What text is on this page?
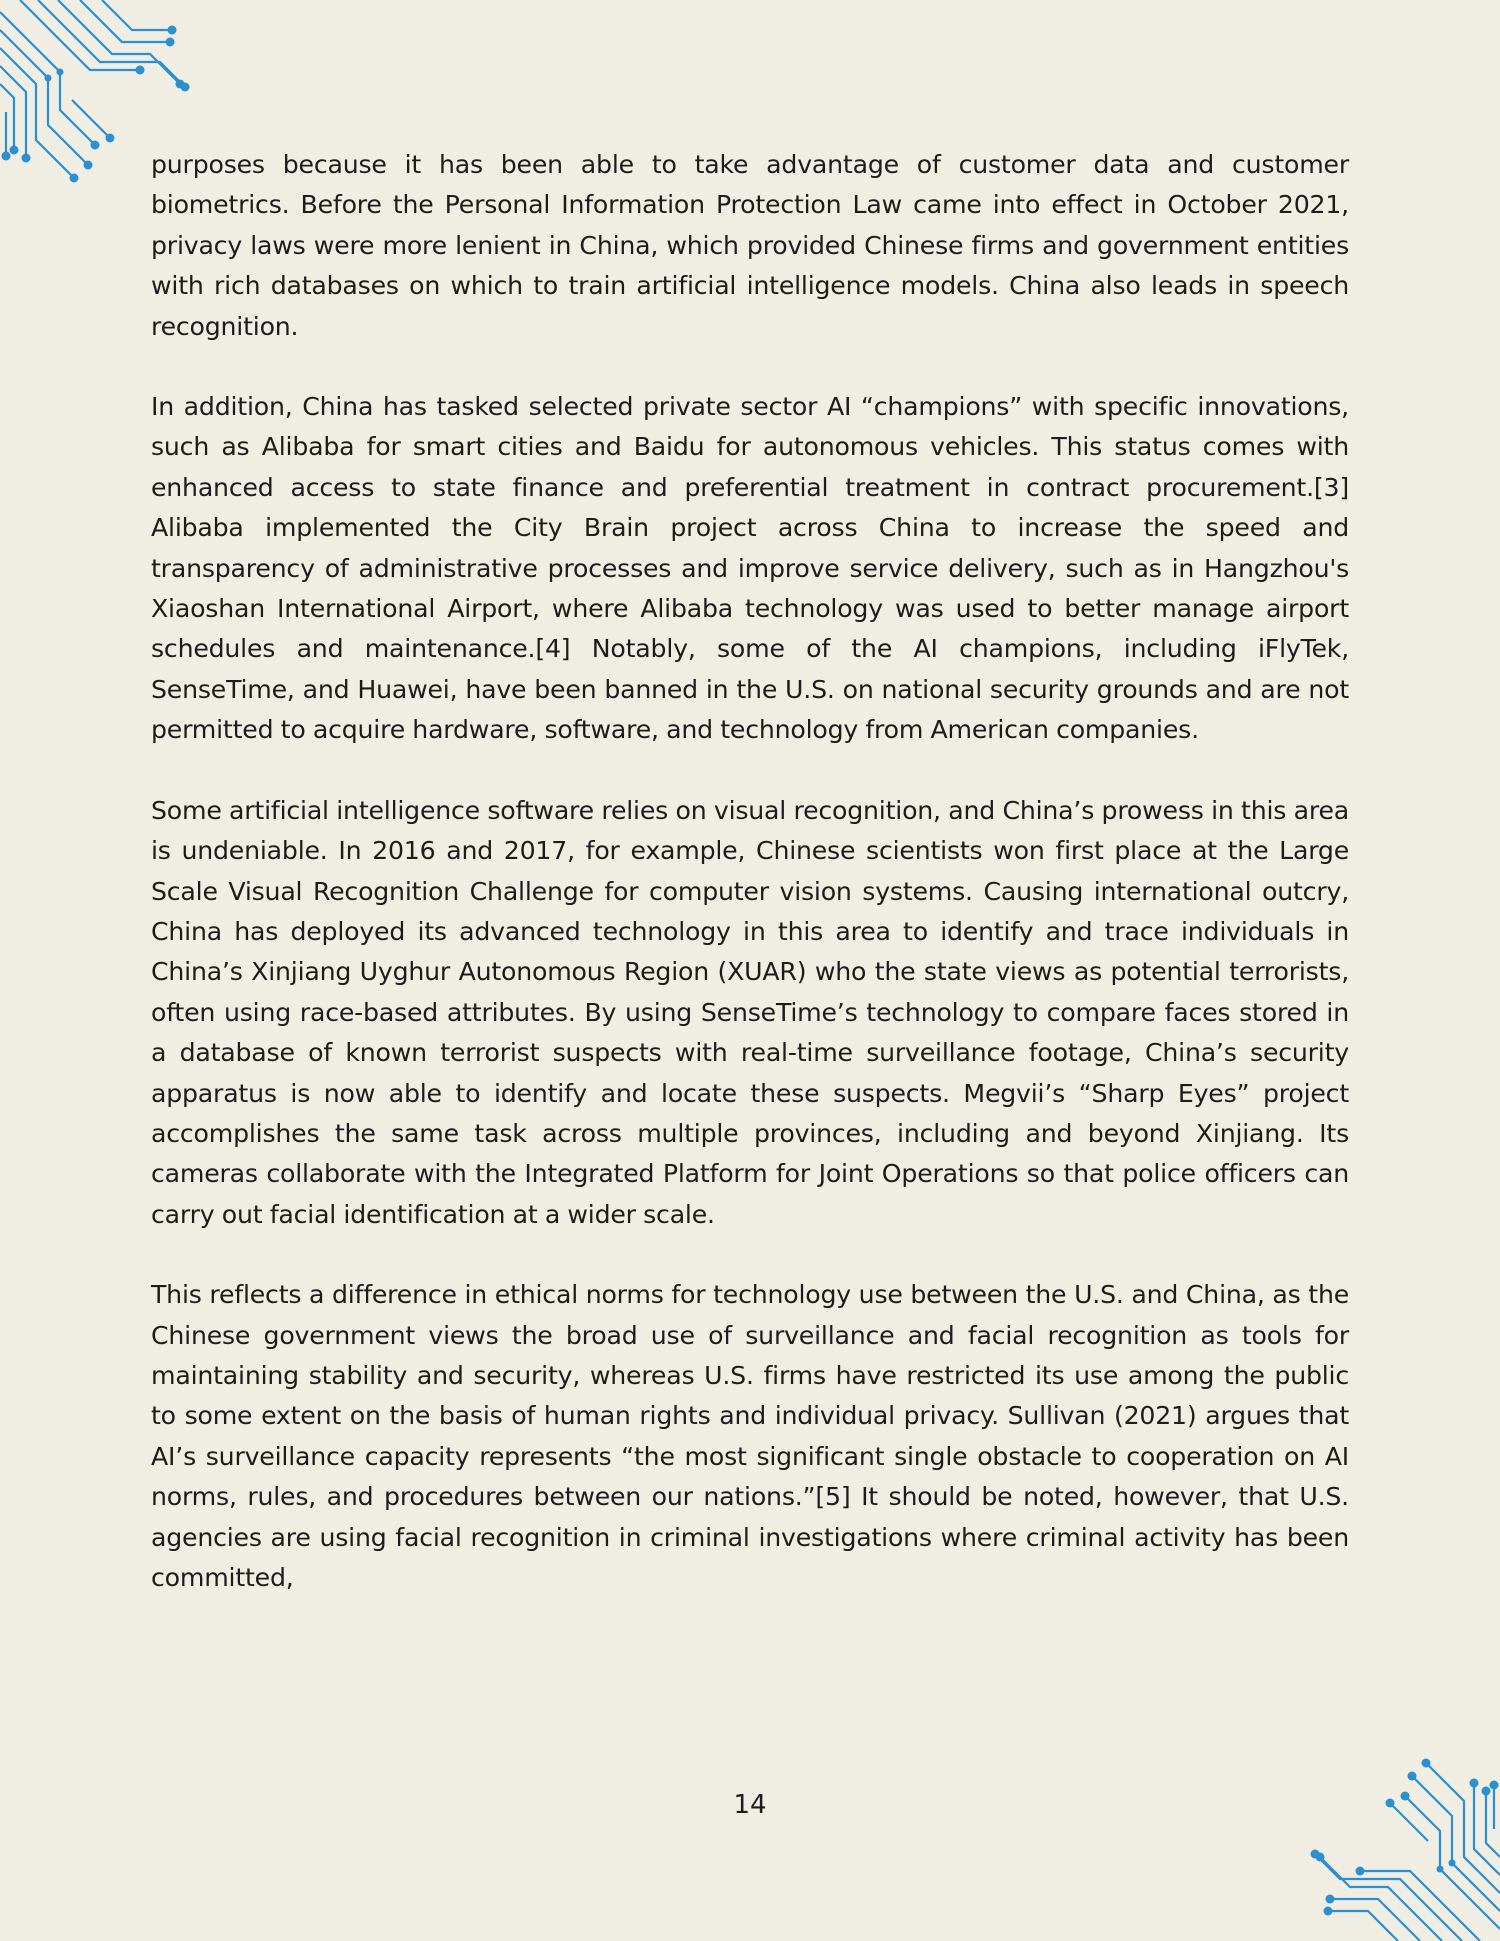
purposes because it has been able to take advantage of customer data and customer biometrics. Before the Personal Information Protection Law came into effect in October 2021, privacy laws were more lenient in China, which provided Chinese firms and government entities with rich databases on which to train artificial intelligence models. China also leads in speech recognition.

In addition, China has tasked selected private sector AI “champions” with specific innovations, such as Alibaba for smart cities and Baidu for autonomous vehicles. This status comes with enhanced access to state finance and preferential treatment in contract procurement.[3] Alibaba implemented the City Brain project across China to increase the speed and transparency of administrative processes and improve service delivery, such as in Hangzhou's Xiaoshan International Airport, where Alibaba technology was used to better manage airport schedules and maintenance.[4] Notably, some of the AI champions, including iFlyTek, SenseTime, and Huawei, have been banned in the U.S. on national security grounds and are not permitted to acquire hardware, software, and technology from American companies.

Some artificial intelligence software relies on visual recognition, and China’s prowess in this area is undeniable. In 2016 and 2017, for example, Chinese scientists won first place at the Large Scale Visual Recognition Challenge for computer vision systems. Causing international outcry, China has deployed its advanced technology in this area to identify and trace individuals in China’s Xinjiang Uyghur Autonomous Region (XUAR) who the state views as potential terrorists, often using race-based attributes. By using SenseTime’s technology to compare faces stored in a database of known terrorist suspects with real-time surveillance footage, China’s security apparatus is now able to identify and locate these suspects. Megvii’s “Sharp Eyes” project accomplishes the same task across multiple provinces, including and beyond Xinjiang. Its cameras collaborate with the Integrated Platform for Joint Operations so that police officers can carry out facial identification at a wider scale.

This reflects a difference in ethical norms for technology use between the U.S. and China, as the Chinese government views the broad use of surveillance and facial recognition as tools for maintaining stability and security, whereas U.S. firms have restricted its use among the public to some extent on the basis of human rights and individual privacy. Sullivan (2021) argues that AI’s surveillance capacity represents “the most significant single obstacle to cooperation on AI norms, rules, and procedures between our nations.”[5] It should be noted, however, that U.S. agencies are using facial recognition in criminal investigations where criminal activity has been committed,

14
